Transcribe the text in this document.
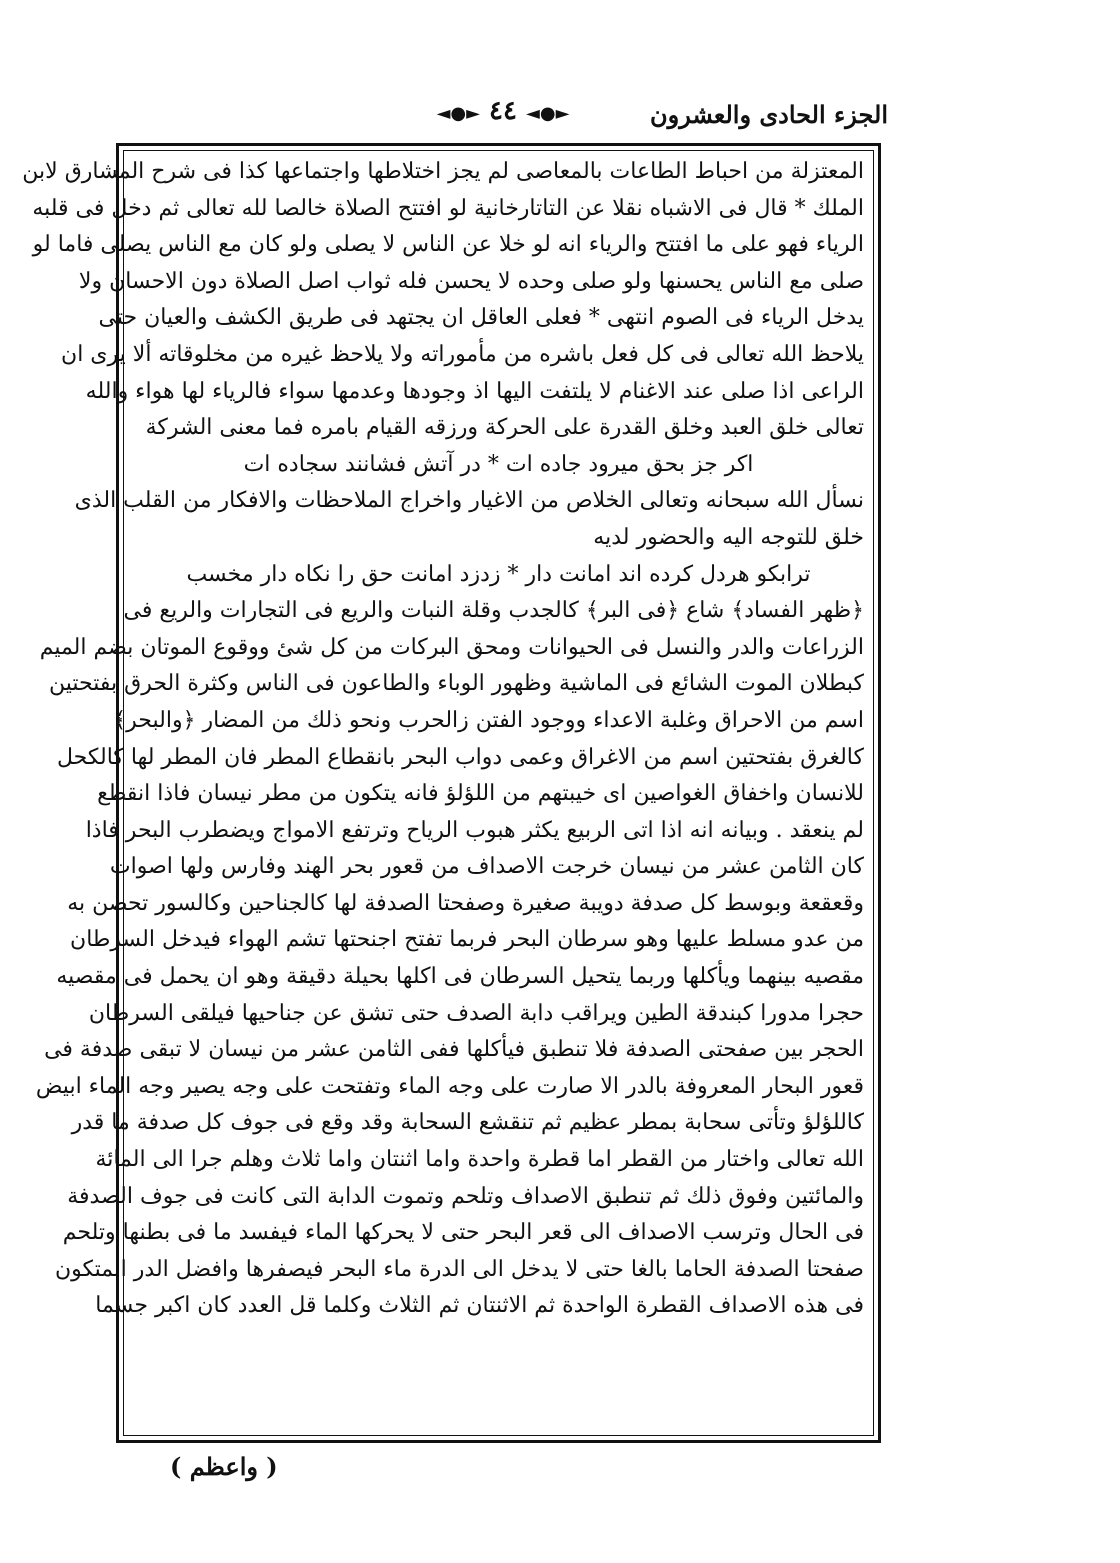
الجزء الحادى والعشرون
◄●► ٤٤ ◄●►
المعتزلة من احباط الطاعات بالمعاصى لم يجز اختلاطها واجتماعها كذا فى شرح المشارق لابن
الملك * قال فى الاشباه نقلا عن التاتارخانية لو افتتح الصلاة خالصا لله تعالى ثم دخل فى قلبه
الرياء فهو على ما افتتح والرياء انه لو خلا عن الناس لا يصلى ولو كان مع الناس يصلى فاما لو
صلى مع الناس يحسنها ولو صلى وحده لا يحسن فله ثواب اصل الصلاة دون الاحسان ولا
يدخل الرياء فى الصوم انتهى * فعلى العاقل ان يجتهد فى طريق الكشف والعيان حتى
يلاحظ الله تعالى فى كل فعل باشره من مأموراته ولا يلاحظ غيره من مخلوقاته ألا يرى ان
الراعى اذا صلى عند الاغنام لا يلتفت اليها اذ وجودها وعدمها سواء فالرياء لها هواء والله
تعالى خلق العبد وخلق القدرة على الحركة ورزقه القيام بامره فما معنى الشركة
اكر جز بحق ميرود جاده ات * در آتش فشانند سجاده ات
نسأل الله سبحانه وتعالى الخلاص من الاغيار واخراج الملاحظات والافكار من القلب الذى
خلق للتوجه اليه والحضور لديه
ترابكو هردل كرده اند امانت دار * زدزد امانت حق را نكاه دار مخسب
﴿ظهر الفساد﴾ شاع ﴿فى البر﴾ كالجدب وقلة النبات والريع فى التجارات والريع فى
الزراعات والدر والنسل فى الحيوانات ومحق البركات من كل شئ ووقوع الموتان بضم الميم
كبطلان الموت الشائع فى الماشية وظهور الوباء والطاعون فى الناس وكثرة الحرق بفتحتين
اسم من الاحراق وغلبة الاعداء ووجود الفتن زالحرب ونحو ذلك من المضار ﴿والبحر﴾
كالغرق بفتحتين اسم من الاغراق وعمى دواب البحر بانقطاع المطر فان المطر لها كالكحل
للانسان واخفاق الغواصين اى خيبتهم من اللؤلؤ فانه يتكون من مطر نيسان فاذا انقطع
لم ينعقد . وبيانه انه اذا اتى الربيع يكثر هبوب الرياح وترتفع الامواج ويضطرب البحر فاذا
كان الثامن عشر من نيسان خرجت الاصداف من قعور بحر الهند وفارس ولها اصوات
وقعقعة وبوسط كل صدفة دويبة صغيرة وصفحتا الصدفة لها كالجناحين وكالسور تحصن به
من عدو مسلط عليها وهو سرطان البحر فربما تفتح اجنحتها تشم الهواء فيدخل السرطان
مقصيه بينهما ويأكلها وربما يتحيل السرطان فى اكلها بحيلة دقيقة وهو ان يحمل فى مقصيه
حجرا مدورا كبندقة الطين ويراقب دابة الصدف حتى تشق عن جناحيها فيلقى السرطان
الحجر بين صفحتى الصدفة فلا تنطبق فيأكلها ففى الثامن عشر من نيسان لا تبقى صدفة فى
قعور البحار المعروفة بالدر الا صارت على وجه الماء وتفتحت على وجه يصير وجه الماء ابيض
كاللؤلؤ وتأتى سحابة بمطر عظيم ثم تنقشع السحابة وقد وقع فى جوف كل صدفة ما قدر
الله تعالى واختار من القطر اما قطرة واحدة واما اثنتان واما ثلاث وهلم جرا الى المائة
والمائتين وفوق ذلك ثم تنطبق الاصداف وتلحم وتموت الدابة التى كانت فى جوف الصدفة
فى الحال وترسب الاصداف الى قعر البحر حتى لا يحركها الماء فيفسد ما فى بطنها وتلحم
صفحتا الصدفة الحاما بالغا حتى لا يدخل الى الدرة ماء البحر فيصفرها وافضل الدر المتكون
فى هذه الاصداف القطرة الواحدة ثم الاثنتان ثم الثلاث وكلما قل العدد كان اكبر جسما
( واعظم )
